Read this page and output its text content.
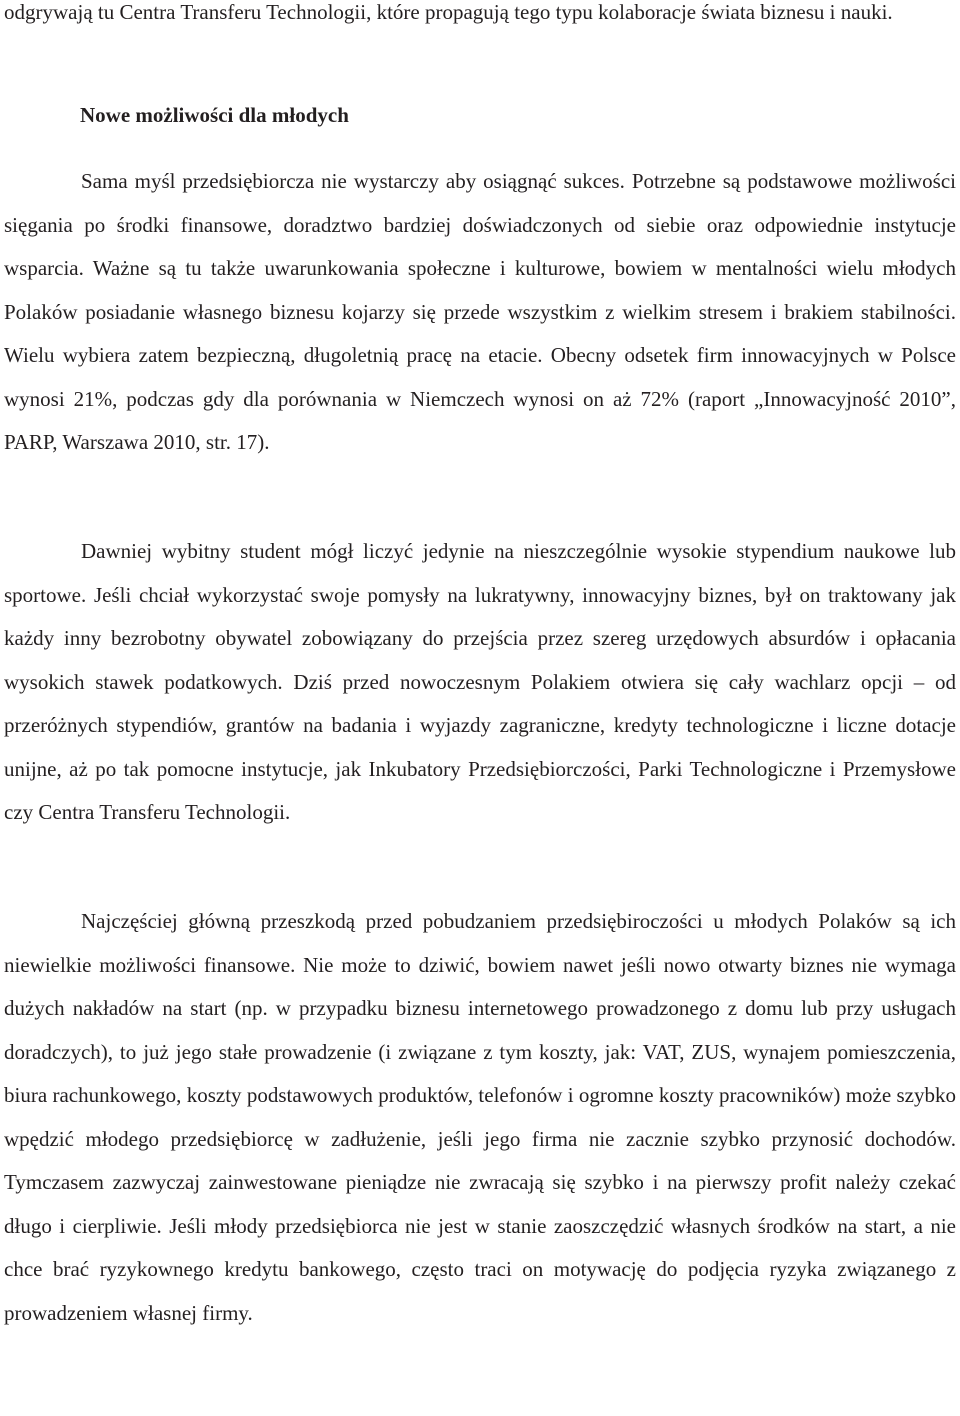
odgrywają tu Centra Transferu Technologii, które propagują tego typu kolaboracje świata biznesu i nauki.

Nowe możliwości dla młodych

Sama myśl przedsiębiorcza nie wystarczy aby osiągnąć sukces. Potrzebne są podstawowe możliwości sięgania po środki finansowe, doradztwo bardziej doświadczonych od siebie oraz odpowiednie instytucje wsparcia. Ważne są tu także uwarunkowania społeczne i kulturowe, bowiem w mentalności wielu młodych Polaków posiadanie własnego biznesu kojarzy się przede wszystkim z wielkim stresem i brakiem stabilności. Wielu wybiera zatem bezpieczną, długoletnią pracę na etacie. Obecny odsetek firm innowacyjnych w Polsce wynosi 21%, podczas gdy dla porównania w Niemczech wynosi on aż 72% (raport „Innowacyjność 2010”, PARP, Warszawa 2010, str. 17).

Dawniej wybitny student mógł liczyć jedynie na nieszczególnie wysokie stypendium naukowe lub sportowe. Jeśli chciał wykorzystać swoje pomysły na lukratywny, innowacyjny biznes, był on traktowany jak każdy inny bezrobotny obywatel zobowiązany do przejścia przez szereg urzędowych absurdów i opłacania wysokich stawek podatkowych. Dziś przed nowoczesnym Polakiem otwiera się cały wachlarz opcji – od przeróżnych stypendiów, grantów na badania i wyjazdy zagraniczne, kredyty technologiczne i liczne dotacje unijne, aż po tak pomocne instytucje, jak Inkubatory Przedsiębiorczości, Parki Technologiczne i Przemysłowe czy Centra Transferu Technologii.

Najczęściej główną przeszkodą przed pobudzaniem przedsiębiroczości u młodych Polaków są ich niewielkie możliwości finansowe. Nie może to dziwić, bowiem nawet jeśli nowo otwarty biznes nie wymaga dużych nakładów na start (np. w przypadku biznesu internetowego prowadzonego z domu lub przy usługach doradczych), to już jego stałe prowadzenie (i związane z tym koszty, jak: VAT, ZUS, wynajem pomieszczenia, biura rachunkowego, koszty podstawowych produktów, telefonów i ogromne koszty pracowników) może szybko wpędzić młodego przedsiębiorcę w zadłużenie, jeśli jego firma nie zacznie szybko przynosić dochodów. Tymczasem zazwyczaj zainwestowane pieniądze nie zwracają się szybko i na pierwszy profit należy czekać długo i cierpliwie. Jeśli młody przedsiębiorca nie jest w stanie zaoszczędzić własnych środków na start, a nie chce brać ryzykownego kredytu bankowego, często traci on motywację do podjęcia ryzyka związanego z prowadzeniem własnej firmy.
